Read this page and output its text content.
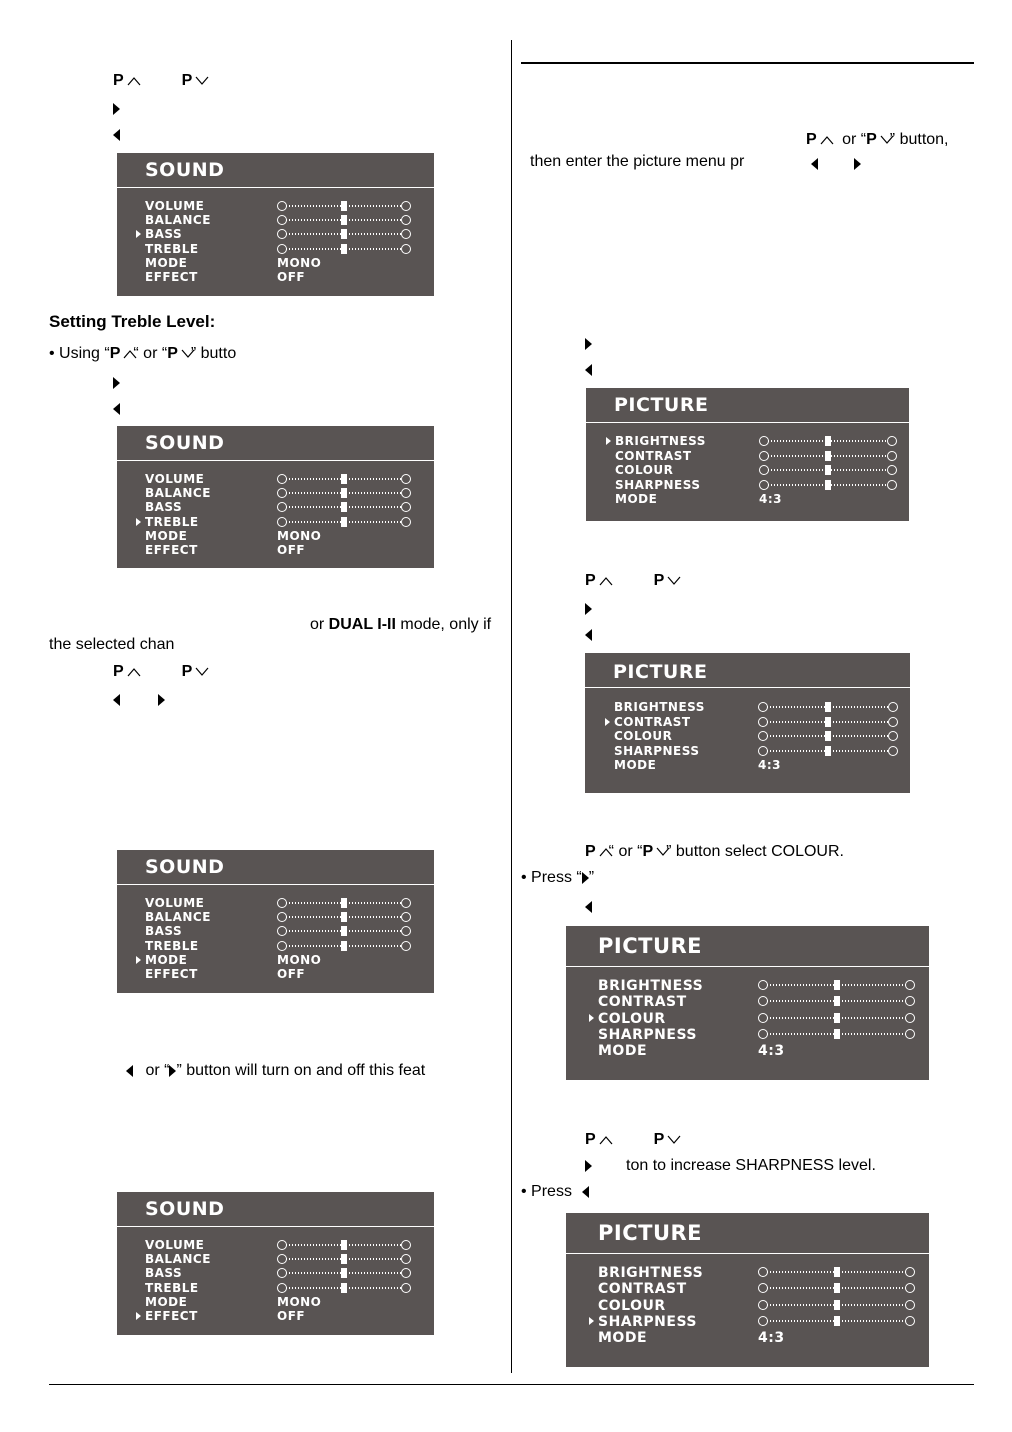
P	P
Setting Treble Level:
• Using “P “ or “P ” butto
or DUAL I-II mode, only if
the selected chan
P	P
or “ ” button will turn on and off this feat
P or “P ” button,
then enter the picture menu pr
P	P
P “ or “P ” button select COLOUR.
• Press “ ”
P	P
ton to increase SHARPNESS level.
• Press
SOUND
VOLUME
BALANCE
BASS
TREBLE
MODE	MONO
EFFECT	OFF
SOUND
VOLUME
BALANCE
BASS
TREBLE
MODE	MONO
EFFECT	OFF
SOUND
VOLUME
BALANCE
BASS
TREBLE
MODE	MONO
EFFECT	OFF
SOUND
VOLUME
BALANCE
BASS
TREBLE
MODE	MONO
EFFECT	OFF
PICTURE
BRIGHTNESS
CONTRAST
COLOUR
SHARPNESS
MODE	4:3
PICTURE
BRIGHTNESS
CONTRAST
COLOUR
SHARPNESS
MODE	4:3
PICTURE
BRIGHTNESS
CONTRAST
COLOUR
SHARPNESS
MODE	4:3
PICTURE
BRIGHTNESS
CONTRAST
COLOUR
SHARPNESS
MODE	4:3
